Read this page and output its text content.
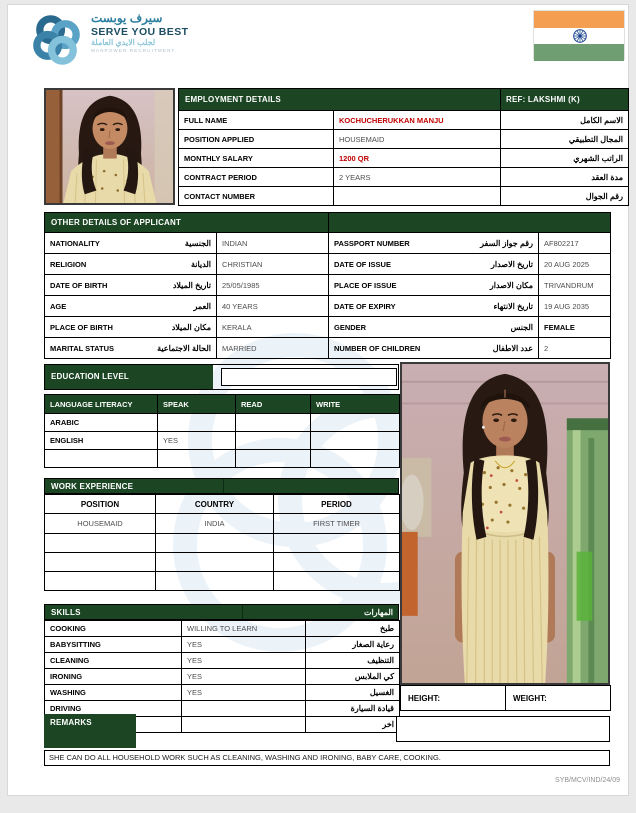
سيرف يوبست
SERVE YOU BEST
لجلب الايدي العاملة
MANPOWER RECRUITMENT
EMPLOYMENT DETAILS		REF: LAKSHMI (K)
FULL NAME	KOCHUCHERUKKAN MANJU	الاسم الكامل
POSITION APPLIED	HOUSEMAID	المجال التطبيقي
MONTHLY SALARY	1200 QR	الراتب الشهري
CONTRACT PERIOD	2 YEARS	مدة العقد
CONTACT NUMBER		رقم الجوال
OTHER DETAILS OF APPLICANT			

NATIONALITY الجنسية	INDIAN	PASSPORT NUMBER رقم جواز السفر	AF802217

RELIGION الديانة	CHRISTIAN	DATE OF ISSUE تاريخ الاصدار	20 AUG 2025

DATE OF BIRTH تاريخ الميلاد	25/05/1985	PLACE OF ISSUE مكان الاصدار	TRIVANDRUM

AGE العمر	40 YEARS	DATE OF EXPIRY تاريخ الانتهاء	19 AUG 2035

PLACE OF BIRTH مكان الميلاد	KERALA	GENDER الجنس	FEMALE

MARITAL STATUS الحالة الاجتماعية	MARRIED	NUMBER OF CHILDREN عدد الاطفال	2
EDUCATION LEVEL
LANGUAGE LITERACY	SPEAK	READ	WRITE
ARABIC			
ENGLISH	YES		

WORK EXPERIENCE
POSITION	COUNTRY	PERIOD
HOUSEMAID	INDIA	FIRST TIMER

HEIGHT:	WEIGHT:
SKILLS	المهارات
COOKING	WILLING TO LEARN	طبخ
BABYSITTING	YES	رعاية الصغار
CLEANING	YES	التنظيف
IRONING	YES	كي الملابس
WASHING	YES	الغسيل
DRIVING		قيادة السيارة
		اخر
REMARKS
SHE CAN DO ALL HOUSEHOLD WORK SUCH AS CLEANING, WASHING AND IRONING, BABY CARE, COOKING.
SYB/MCV/IND/24/09
